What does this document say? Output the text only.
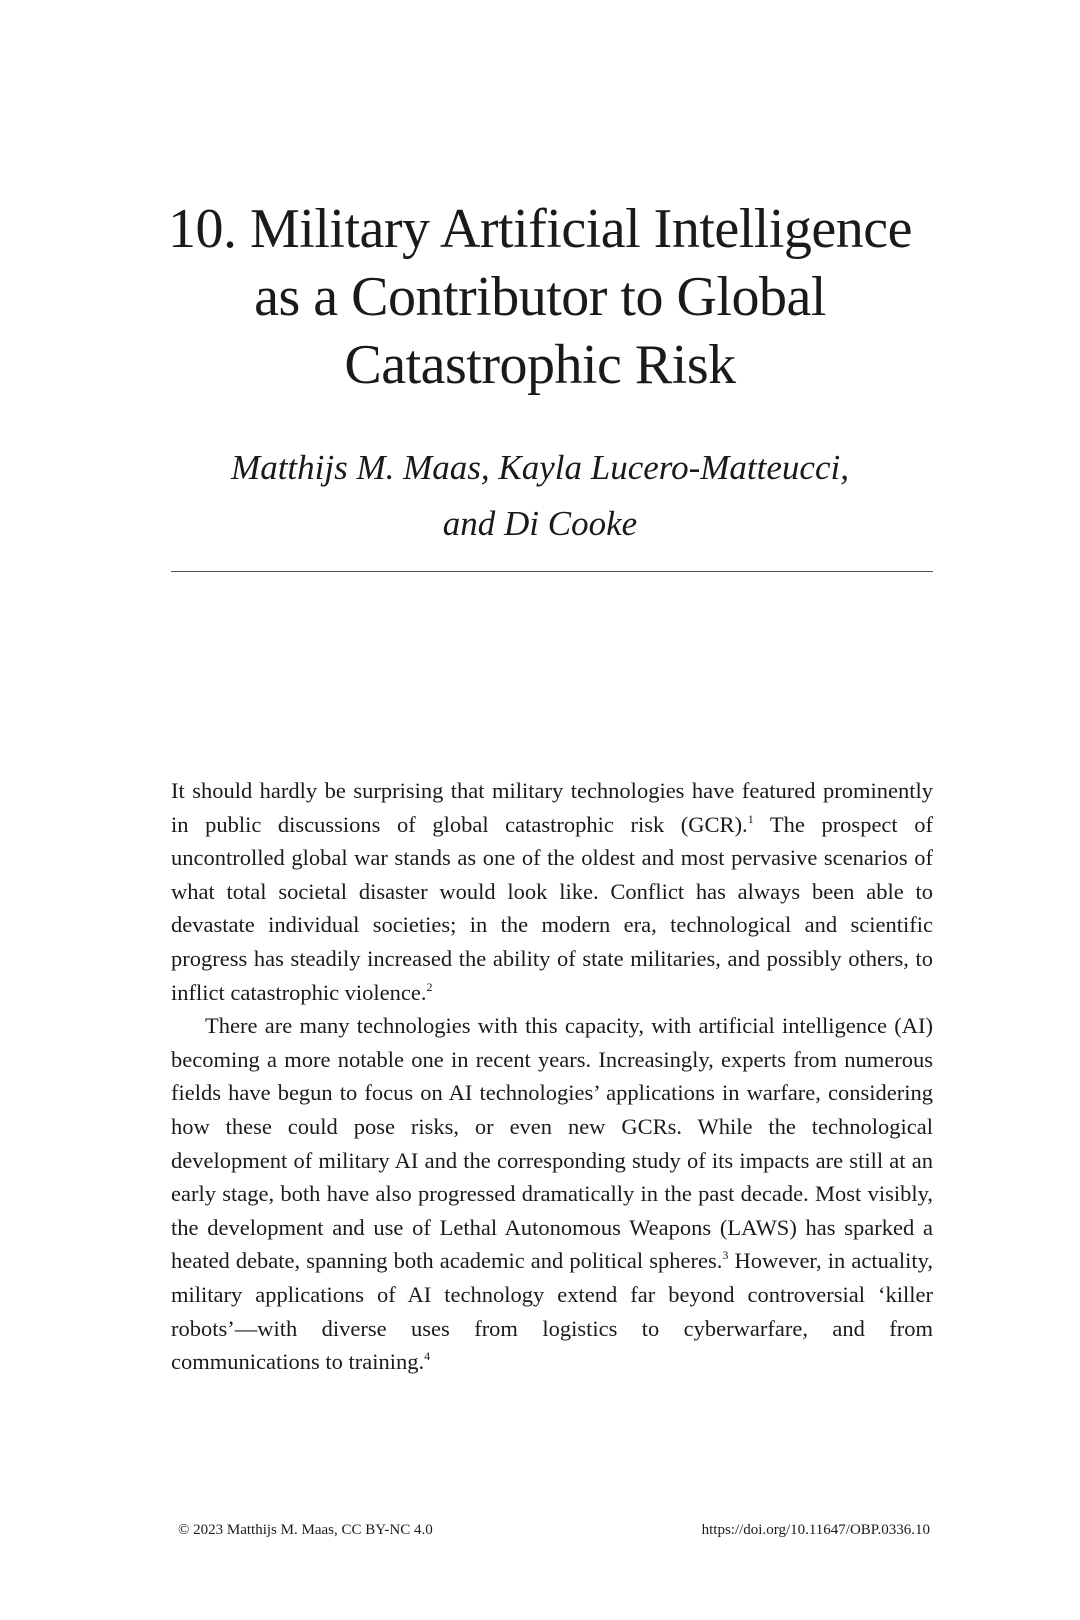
10. Military Artificial Intelligence
as a Contributor to Global
Catastrophic Risk
Matthijs M. Maas, Kayla Lucero-Matteucci,
and Di Cooke

It should hardly be surprising that military technologies have featured prominently in public discussions of global catastrophic risk (GCR).$^1$ The prospect of uncontrolled global war stands as one of the oldest and most pervasive scenarios of what total societal disaster would look like. Conflict has always been able to devastate individual societies; in the modern era, technological and scientific progress has steadily increased the ability of state militaries, and possibly others, to inflict catastrophic violence.$^2$

There are many technologies with this capacity, with artificial intelligence (AI) becoming a more notable one in recent years. Increasingly, experts from numerous fields have begun to focus on AI technologies’ applications in warfare, considering how these could pose risks, or even new GCRs. While the technological development of military AI and the corresponding study of its impacts are still at an early stage, both have also progressed dramatically in the past decade. Most visibly, the development and use of Lethal Autonomous Weapons (LAWS) has sparked a heated debate, spanning both academic and political spheres.$^3$ However, in actuality, military applications of AI technology extend far beyond controversial ‘killer robots’—with diverse uses from logistics to cyberwarfare, and from communications to training.$^4$

© 2023 Matthijs M. Maas, CC BY-NC 4.0	https://doi.org/10.11647/OBP.0336.10
